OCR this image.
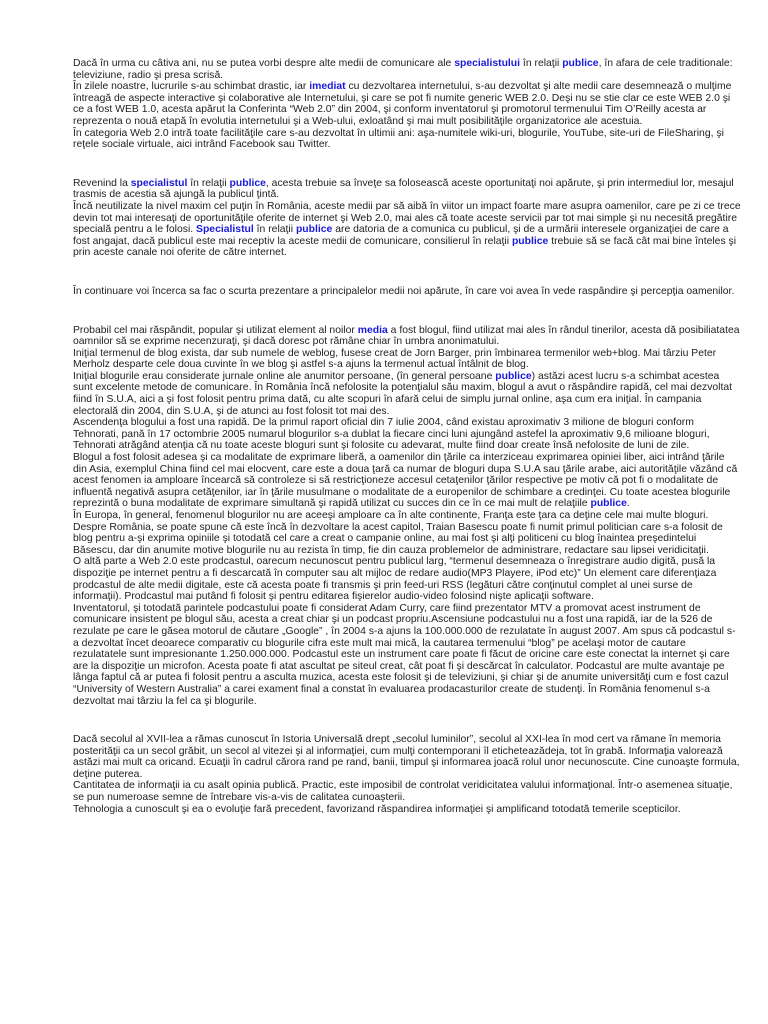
Dacă în urma cu câtiva ani, nu se putea vorbi despre alte medii de comunicare ale specialistului în relaţii publice, în afara de cele traditionale: televiziune, radio şi presa scrisă.

În zilele noastre, lucrurile s-au schimbat drastic, iar imediat cu dezvoltarea internetului, s-au dezvoltat şi alte medii care desemnează o mulţime întreagă de aspecte interactive şi colaborative ale Internetului, şi care se pot fi numite generic WEB 2.0. Deşi nu se stie clar ce este WEB 2.0 şi ce a fost WEB 1.0, acesta apărut la Conferinta “Web 2.0” din 2004, şi conform inventatorul şi promotorul termenului Tim O’Reilly acesta ar reprezenta o nouă etapă în evolutia internetului şi a Web-ului, exloatând şi mai mult posibilităţile organizatorice ale acestuia.

În categoria Web 2.0 intră toate facilităţile care s-au dezvoltat în ultimii ani: aşa-numitele wiki-uri, blogurile, YouTube, site-uri de FileSharing, şi reţele sociale virtuale, aici intrând Facebook sau Twitter.

Revenind la specialistul în relaţii publice, acesta trebuie sa înveţe sa folosească aceste oportunitaţi noi apărute, şi prin intermediul lor, mesajul trasmis de acestia să ajungă la publicul ţintă.

Încă neutilizate la nivel maxim cel puţin în România, aceste medii par să aibă în viitor un impact foarte mare asupra oamenilor, care pe zi ce trece devin tot mai interesaţi de oportunităţile oferite de internet şi Web 2.0, mai ales că toate aceste servicii par tot mai simple şi nu necesită pregătire specială pentru a le folosi. Specialistul în relaţii publice are datoria de a comunica cu publicul, şi de a urmării interesele organizaţiei de care a fost angajat, dacă publicul este mai receptiv la aceste medii de comunicare, consilierul în relaţii publice trebuie să se facă cât mai bine înteles şi prin aceste canale noi oferite de către internet.

În continuare voi încerca sa fac o scurta prezentare a principalelor medii noi apărute, în care voi avea în vede raspândire şi percepţia oamenilor.

Probabil cel mai răspândit, popular şi utilizat element al noilor media a fost blogul, fiind utilizat mai ales în rândul tinerilor, acesta dă posibiliatatea oamnilor să se exprime necenzuraţi, şi dacă doresc pot rămâne chiar în umbra anonimatului.

Iniţial termenul de blog exista, dar sub numele de weblog, fusese creat de Jorn Barger, prin îmbinarea termenilor web+blog. Mai târziu Peter Merholz desparte cele doua cuvinte în we blog şi astfel s-a ajuns la termenul actual întâlnit de blog.

Iniţial blogurile erau considerate jurnale online ale anumitor persoane, (în general persoane publice) astăzi acest lucru s-a schimbat acestea sunt excelente metode de comunicare. În România încă nefolosite la potenţialul său maxim, blogul a avut o răspândire rapidă, cel mai dezvoltat fiind în S.U.A, aici a şi fost folosit pentru prima dată, cu alte scopuri în afară celui de simplu jurnal online, aşa cum era iniţial. În campania electorală din 2004, din S.U.A, şi de atunci au fost folosit tot mai des.

Ascendenţa blogului a fost una rapidă. De la primul raport oficial din 7 iulie 2004, când existau aproximativ 3 milione de bloguri conform Tehnorati, pană în 17 octombrie 2005 numarul blogurilor s-a dublat la fiecare cinci luni ajungând astefel la aproximativ 9,6 milioane bloguri, Tehnorati atrăgând atenţia că nu toate aceste bloguri sunt şi folosite cu adevarat, multe fiind doar create însă nefolosite de luni de zile.

Blogul a fost folosit adesea şi ca modalitate de exprimare liberă, a oamenilor din ţările ca interziceau exprimarea opiniei liber, aici intrând ţările din Asia, exemplul China fiind cel mai elocvent, care este a doua ţară ca numar de bloguri dupa S.U.A sau ţările arabe, aici autorităţile văzând că acest fenomen ia amploare încearcă să controleze si să restricţioneze accesul cetaţenilor ţărilor respective pe motiv că pot fi o modalitate de influentă negativă asupra cetăţenilor, iar în ţările musulmane o modalitate de a europenilor de schimbare a credinţei. Cu toate acestea blogurile reprezintă o buna modalitate de exprimare simultană şi rapidă utilizat cu succes din ce în ce mai mult de relaţiile publice.

În Europa, în general, fenomenul blogurilor nu are aceeşi amploare ca în alte continente, Franţa este ţara ca deţine cele mai multe bloguri. Despre România, se poate spune că este încă în dezvoltare la acest capitol, Traian Basescu poate fi numit primul politician care s-a folosit de blog pentru a-şi exprima opiniile şi totodată cel care a creat o campanie online, au mai fost şi alţi politiceni cu blog înaintea preşedintelui Băsescu, dar din anumite motive blogurile nu au rezista în timp, fie din cauza problemelor de administrare, redactare sau lipsei veridicitaţii.

O altă parte a Web 2.0 este prodcastul, oarecum necunoscut pentru publicul larg, “termenul desemneaza o înregistrare audio digită, pusă la dispoziţie pe internet pentru a fi descarcată în computer sau alt mijloc de redare audio(MP3 Playere, iPod etc)” Un element care diferenţiaza prodcastul de alte medii digitale, este că acesta poate fi transmis şi prin feed-uri RSS (legături către conţinutul complet al unei surse de informaţii). Prodcastul mai putând fi folosit şi pentru editarea fişierelor audio-video folosind nişte aplicaţii software.

Inventatorul, şi totodată parintele podcastului poate fi considerat Adam Curry, care fiind prezentator MTV a promovat acest instrument de comunicare insistent pe blogul său, acesta a creat chiar şi un podcast propriu.Ascensiune podcastului nu a fost una rapidă, iar de la 526 de rezulate pe care le găsea motorul de căutare „Google” , în 2004 s-a ajuns la 100.000.000 de rezulatate în august 2007. Am spus că podcastul s-a dezvoltat încet deoarece comparativ cu blogurile cifra este mult mai mică, la cautarea termenului “blog” pe acelaşi motor de cautare rezulatatele sunt impresionante 1.250.000.000. Podcastul este un instrument care poate fi făcut de oricine care este conectat la internet şi care are la dispoziţie un microfon. Acesta poate fi atat ascultat pe siteul creat, cât poat fi şi descărcat în calculator. Podcastul are multe avantaje pe lânga faptul că ar putea fi folosit pentru a asculta muzica, acesta este folosit şi de televiziuni, şi chiar şi de anumite universităţi cum e fost cazul “University of Western Australia” a carei exament final a constat în evaluarea prodacasturilor create de studenţi. În România fenomenul s-a dezvoltat mai târziu la fel ca şi blogurile.

Dacă secolul al XVII-lea a rămas cunoscut în Istoria Universală drept „secolul luminilor”, secolul al XXI-lea în mod cert va rămane în memoria posterităţii ca un secol grăbit, un secol al vitezei şi al informaţiei, cum mulţi contemporani îl eticheteazădeja, tot în grabă. Informaţia valorează astăzi mai mult ca oricand. Ecuaţii în cadrul cărora rand pe rand, banii, timpul şi informarea joacă rolul unor necunoscute. Cine cunoaşte formula, deţine puterea.

Cantitatea de informaţii ia cu asalt opinia publică. Practic, este imposibil de controlat veridicitatea valului informaţional. Într-o asemenea situaţie, se pun numeroase semne de întrebare vis-a-vis de calitatea cunoaşterii.

Tehnologia a cunoscult şi ea o evoluţie fară precedent, favorizand răspandirea informaţiei şi amplificand totodată temerile scepticilor.
